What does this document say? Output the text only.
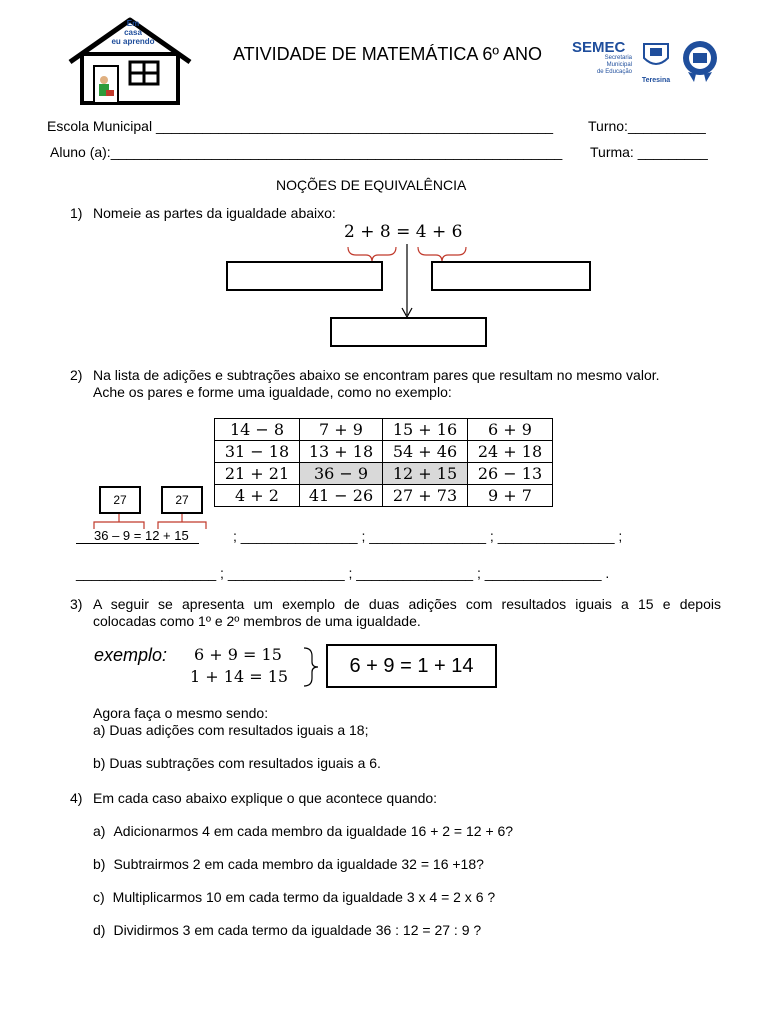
Em
casa
eu aprendo
ATIVIDADE DE MATEMÁTICA 6º ANO SEMEC
Secretaria
Municipal
de Educação
Teresina
Escola Municipal ___________________________________________________ Turno:__________
Aluno (a):__________________________________________________________ Turma: _________
NOÇÕES DE EQUIVALÊNCIA
1) Nomeie as partes da igualdade abaixo:
2 + 8 = 4 + 6
2) Na lista de adições e subtrações abaixo se encontram pares que resultam no mesmo valor.
Ache os pares e forme uma igualdade, como no exemplo:
14 − 8	7 + 9	15 + 16	6 + 9
31 − 18	13 + 18	54 + 46	24 + 18
21 + 21	36 − 9	12 + 15	26 − 13
4 + 2	41 − 26	27 + 73	9 + 7
27	27
36 – 9 = 12 + 15	; _______________ ; _______________ ; _______________ ;
__________________ ; _______________ ; _______________ ; _______________ .
3) A seguir se apresenta um exemplo de duas adições com resultados iguais a 15 e depois
colocadas como 1º e 2º membros de uma igualdade.
exemplo: 6 + 9 = 15
1 + 14 = 15	6 + 9 = 1 + 14
Agora faça o mesmo sendo:
a) Duas adições com resultados iguais a 18;
b) Duas subtrações com resultados iguais a 6.
4) Em cada caso abaixo explique o que acontece quando:
a) Adicionarmos 4 em cada membro da igualdade 16 + 2 = 12 + 6?
b) Subtrairmos 2 em cada membro da igualdade 32 = 16 +18?
c) Multiplicarmos 10 em cada termo da igualdade 3 x 4 = 2 x 6 ?
d) Dividirmos 3 em cada termo da igualdade 36 : 12 = 27 : 9 ?
